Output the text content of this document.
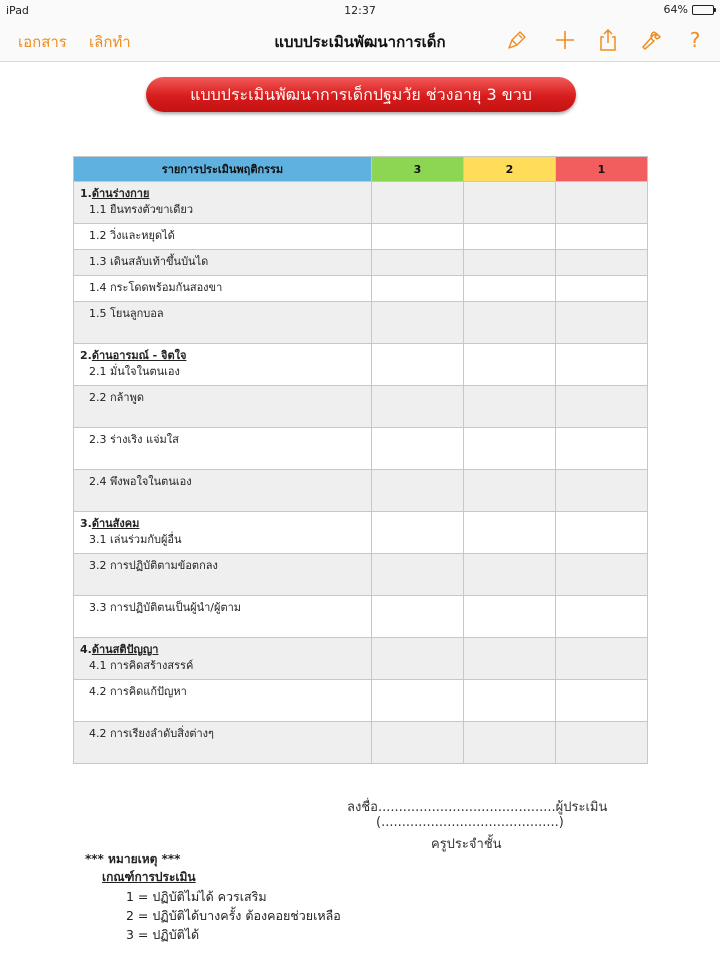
iPad	12:37	64%
เอกสาร เลิกทำ	แบบประเมินพัฒนาการเด็ก	?
แบบประเมินพัฒนาการเด็กปฐมวัย ช่วงอายุ 3 ขวบ
รายการประเมินพฤติกรรม	3	2	1
1.ด้านร่างกาย
1.1 ยืนทรงตัวขาเดียว			

1.2 วิ่งและหยุดได้			

1.3 เดินสลับเท้าขึ้นบันได			

1.4 กระโดดพร้อมกันสองขา			

1.5 โยนลูกบอล			

2.ด้านอารมณ์ - จิตใจ
2.1 มั่นใจในตนเอง			

2.2 กล้าพูด			

2.3 ร่างเริง แจ่มใส			

2.4 พึงพอใจในตนเอง			

3.ด้านสังคม
3.1 เล่นร่วมกับผู้อื่น			

3.2 การปฏิบัติตามข้อตกลง			

3.3 การปฏิบัติตนเป็นผู้นำ/ผู้ตาม			

4.ด้านสติปัญญา
4.1 การคิดสร้างสรรค์			

4.2 การคิดแก้ปัญหา			

4.2 การเรียงลำดับสิ่งต่างๆ			

ลงชื่อ...........................................ผู้ประเมิน
(...........................................)
ครูประจำชั้น
*** หมายเหตุ ***
เกณฑ์การประเมิน
1 = ปฏิบัติไม่ได้ ควรเสริม
2 = ปฏิบัติได้บางครั้ง ต้องคอยช่วยเหลือ
3 = ปฏิบัติได้
